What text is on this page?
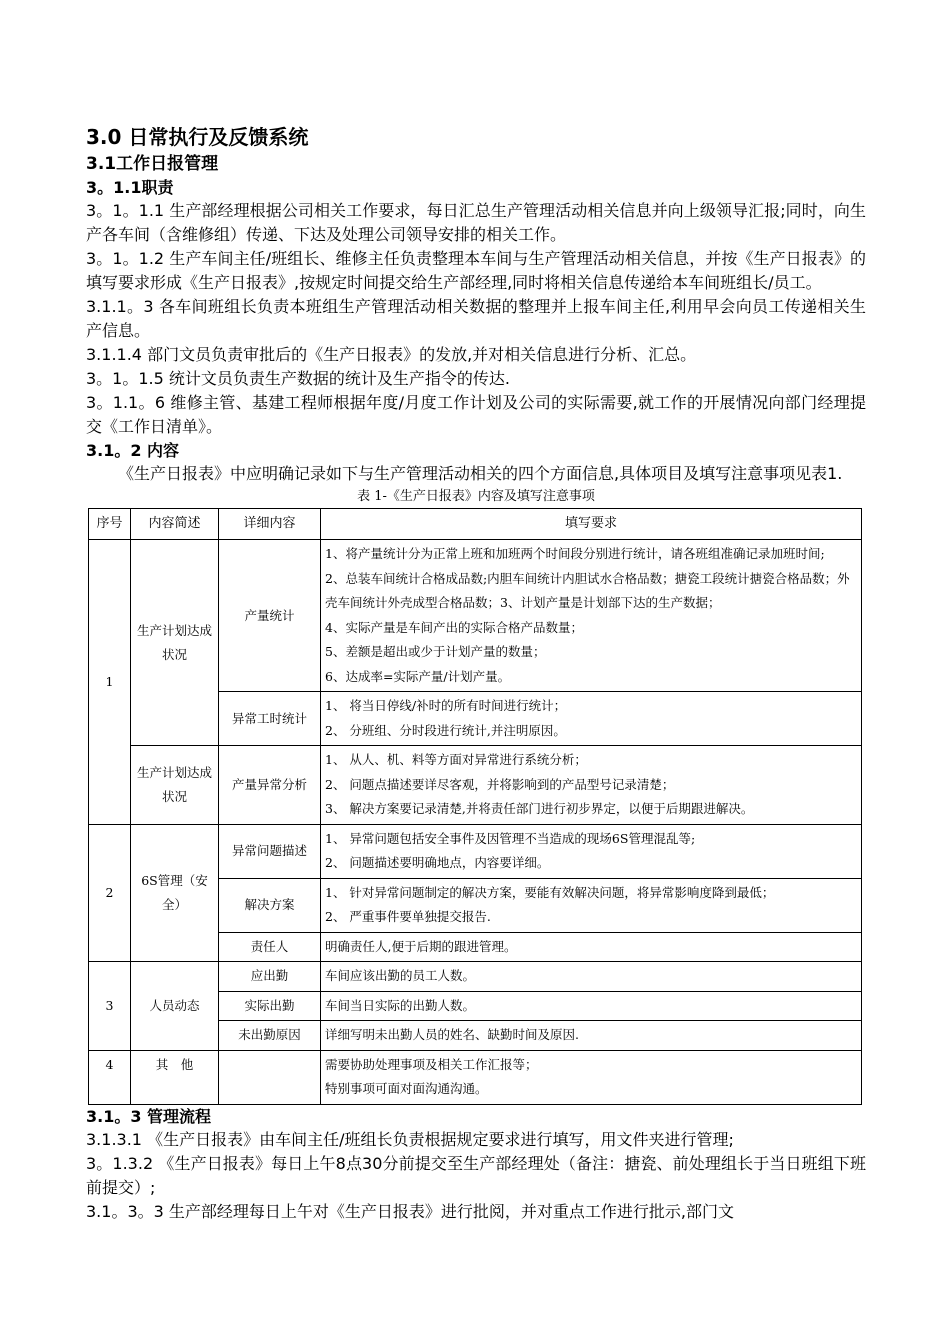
3.0 日常执行及反馈系统

3.1工作日报管理

3。1.1职责

3。1。1.1 生产部经理根据公司相关工作要求，每日汇总生产管理活动相关信息并向上级领导汇报;同时，向生产各车间（含维修组）传递、下达及处理公司领导安排的相关工作。

3。1。1.2 生产车间主任/班组长、维修主任负责整理本车间与生产管理活动相关信息，并按《生产日报表》的填写要求形成《生产日报表》,按规定时间提交给生产部经理,同时将相关信息传递给本车间班组长/员工。

3.1.1。3 各车间班组长负责本班组生产管理活动相关数据的整理并上报车间主任,利用早会向员工传递相关生产信息。

3.1.1.4 部门文员负责审批后的《生产日报表》的发放,并对相关信息进行分析、汇总。

3。1。1.5 统计文员负责生产数据的统计及生产指令的传达.

3。1.1。6 维修主管、基建工程师根据年度/月度工作计划及公司的实际需要,就工作的开展情况向部门经理提交《工作日清单》。

3.1。2 内容

《生产日报表》中应明确记录如下与生产管理活动相关的四个方面信息,具体项目及填写注意事项见表1.

表 1-《生产日报表》内容及填写注意事项

序号	内容简述	详细内容	填写要求
1	生产计划达成状况	产量统计	1、将产量统计分为正常上班和加班两个时间段分别进行统计，请各班组准确记录加班时间;
2、总装车间统计合格成品数;内胆车间统计内胆试水合格品数；搪瓷工段统计搪瓷合格品数；外壳车间统计外壳成型合格品数；3、计划产量是计划部下达的生产数据；
4、实际产量是车间产出的实际合格产品数量；
5、差额是超出或少于计划产量的数量；
6、达成率=实际产量/计划产量。

		异常工时统计	1、 将当日停线/补时的所有时间进行统计；
2、 分班组、分时段进行统计,并注明原因。

	生产计划达成状况	产量异常分析	1、 从人、机、料等方面对异常进行系统分析；
2、 问题点描述要详尽客观，并将影响到的产品型号记录清楚；
3、 解决方案要记录清楚,并将责任部门进行初步界定，以便于后期跟进解决。

2	6S管理（安全）	异常问题描述	1、 异常问题包括安全事件及因管理不当造成的现场6S管理混乱等;
2、 问题描述要明确地点，内容要详细。

		解决方案	1、 针对异常问题制定的解决方案，要能有效解决问题，将异常影响度降到最低；
2、 严重事件要单独提交报告.

		责任人	明确责任人,便于后期的跟进管理。
3	人员动态	应出勤	车间应该出勤的员工人数。
		实际出勤	车间当日实际的出勤人数。
		未出勤原因	详细写明未出勤人员的姓名、缺勤时间及原因.
4	其　他		需要协助处理事项及相关工作汇报等；
特别事项可面对面沟通沟通。

3.1。3 管理流程

3.1.3.1 《生产日报表》由车间主任/班组长负责根据规定要求进行填写，用文件夹进行管理;

3。1.3.2 《生产日报表》每日上午8点30分前提交至生产部经理处（备注：搪瓷、前处理组长于当日班组下班前提交）;

3.1。3。3 生产部经理每日上午对《生产日报表》进行批阅，并对重点工作进行批示,部门文
